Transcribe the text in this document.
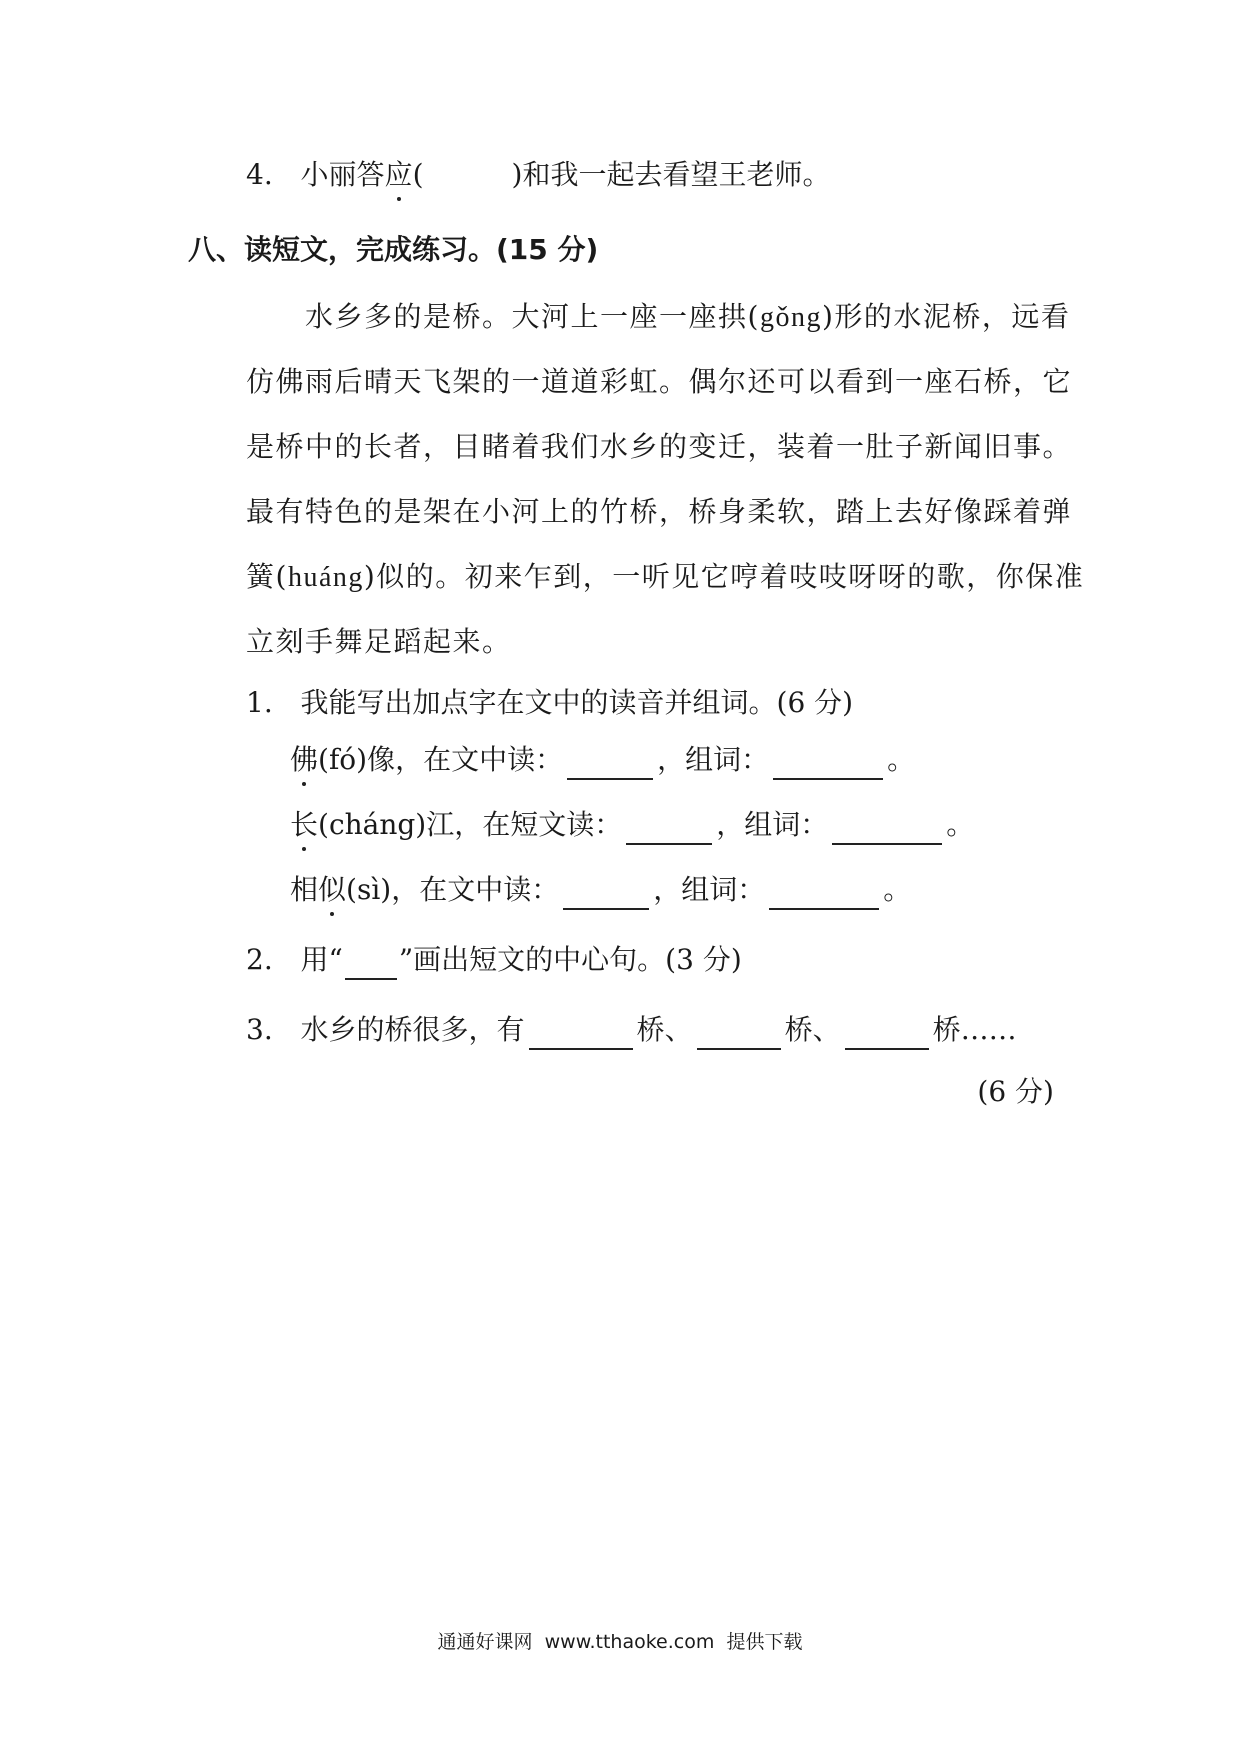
4. 小丽答应(	)和我一起去看望王老师。
八、读短文，完成练习。(15 分)
水乡多的是桥。大河上一座一座拱(gǒng)形的水泥桥，远看
仿佛雨后晴天飞架的一道道彩虹。偶尔还可以看到一座石桥，它
是桥中的长者，目睹着我们水乡的变迁，装着一肚子新闻旧事。
最有特色的是架在小河上的竹桥，桥身柔软，踏上去好像踩着弹
簧(huáng)似的。初来乍到，一听见它哼着吱吱呀呀的歌，你保准
立刻手舞足蹈起来。
1. 我能写出加点字在文中的读音并组词。(6 分)
佛(fó)像，在文中读：	，组词：	。
长(cháng)江，在短文读：	，组词：	。
相似(sì)，在文中读：	，组词：	。
2. 用“ ”画出短文的中心句。(3 分)
3. 水乡的桥很多，有	桥、	桥、	桥……
(6 分)
通通好课网  www.tthaoke.com  提供下载
